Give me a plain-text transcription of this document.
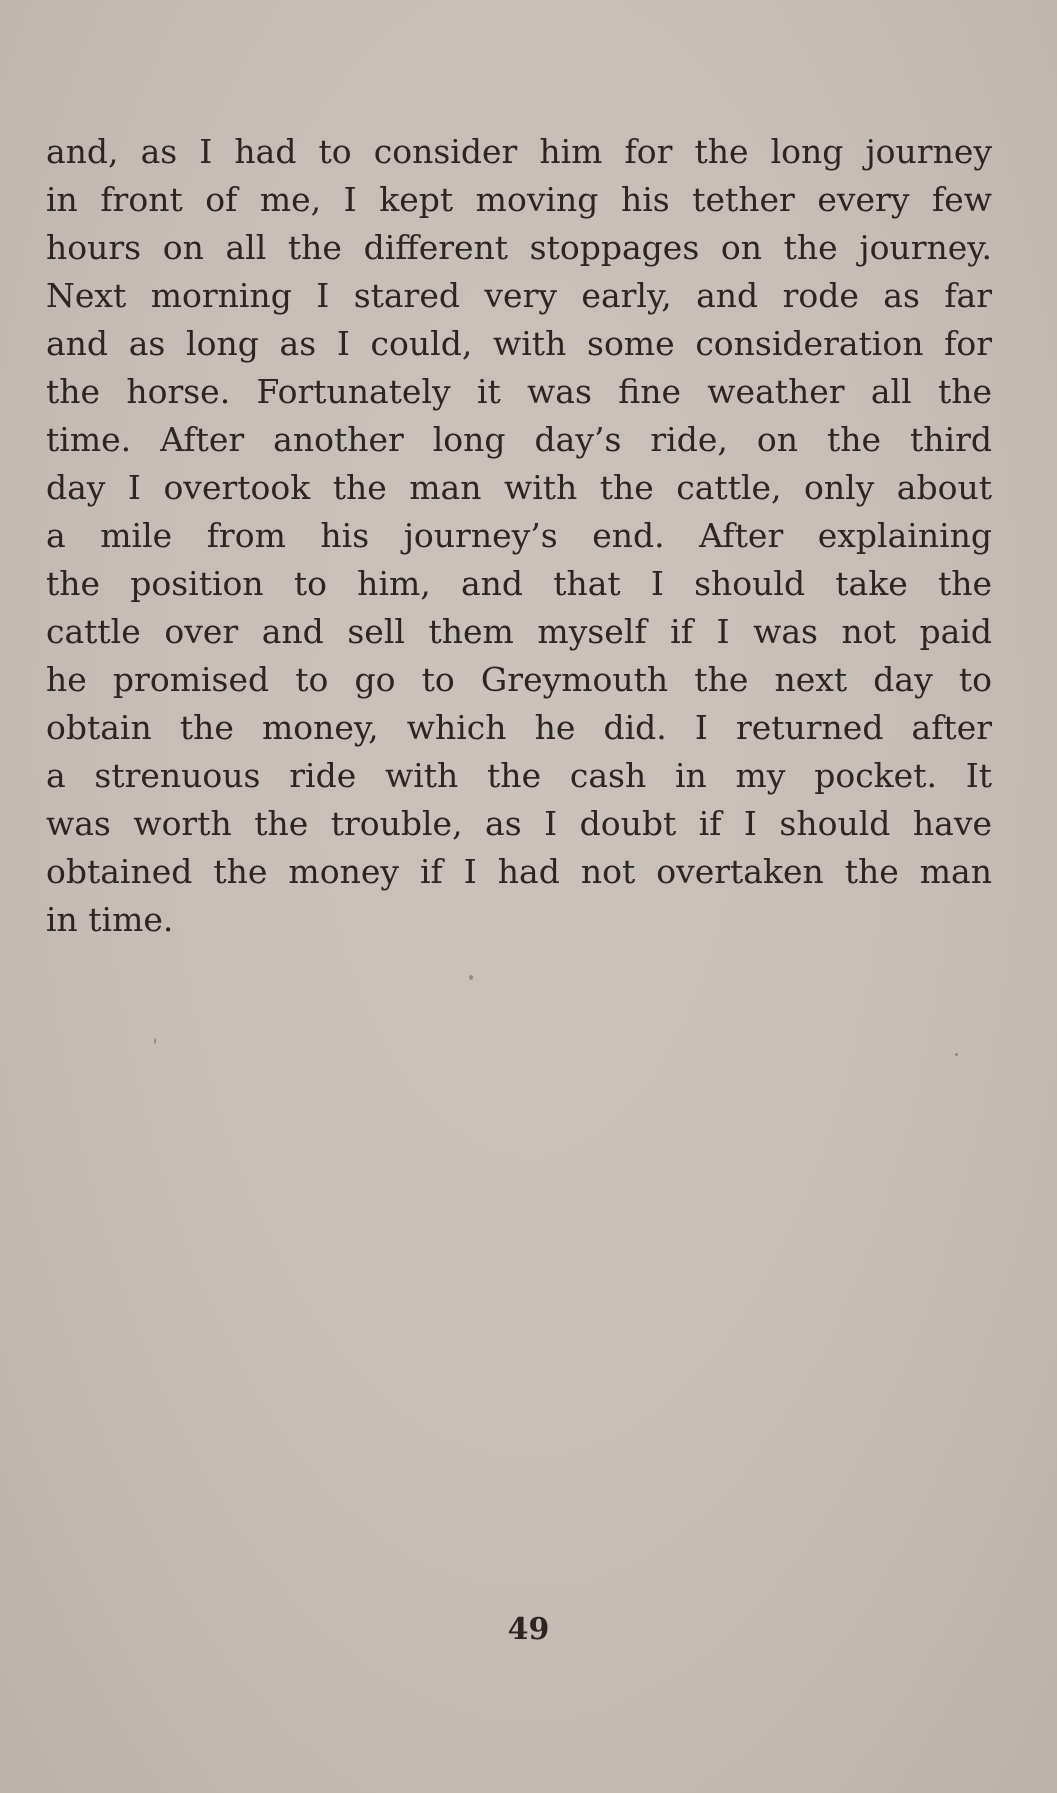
and, as I had to consider him for the long journey
in front of me, I kept moving his tether every few
hours on all the different stoppages on the journey.
Next morning I stared very early, and rode as far
and as long as I could, with some consideration for
the horse. Fortunately it was fine weather all the
time. After another long day’s ride, on the third
day I overtook the man with the cattle, only about
a mile from his journey’s end. After explaining
the position to him, and that I should take the
cattle over and sell them myself if I was not paid
he promised to go to Greymouth the next day to
obtain the money, which he did. I returned after
a strenuous ride with the cash in my pocket. It
was worth the trouble, as I doubt if I should have
obtained the money if I had not overtaken the man
in time.
49
